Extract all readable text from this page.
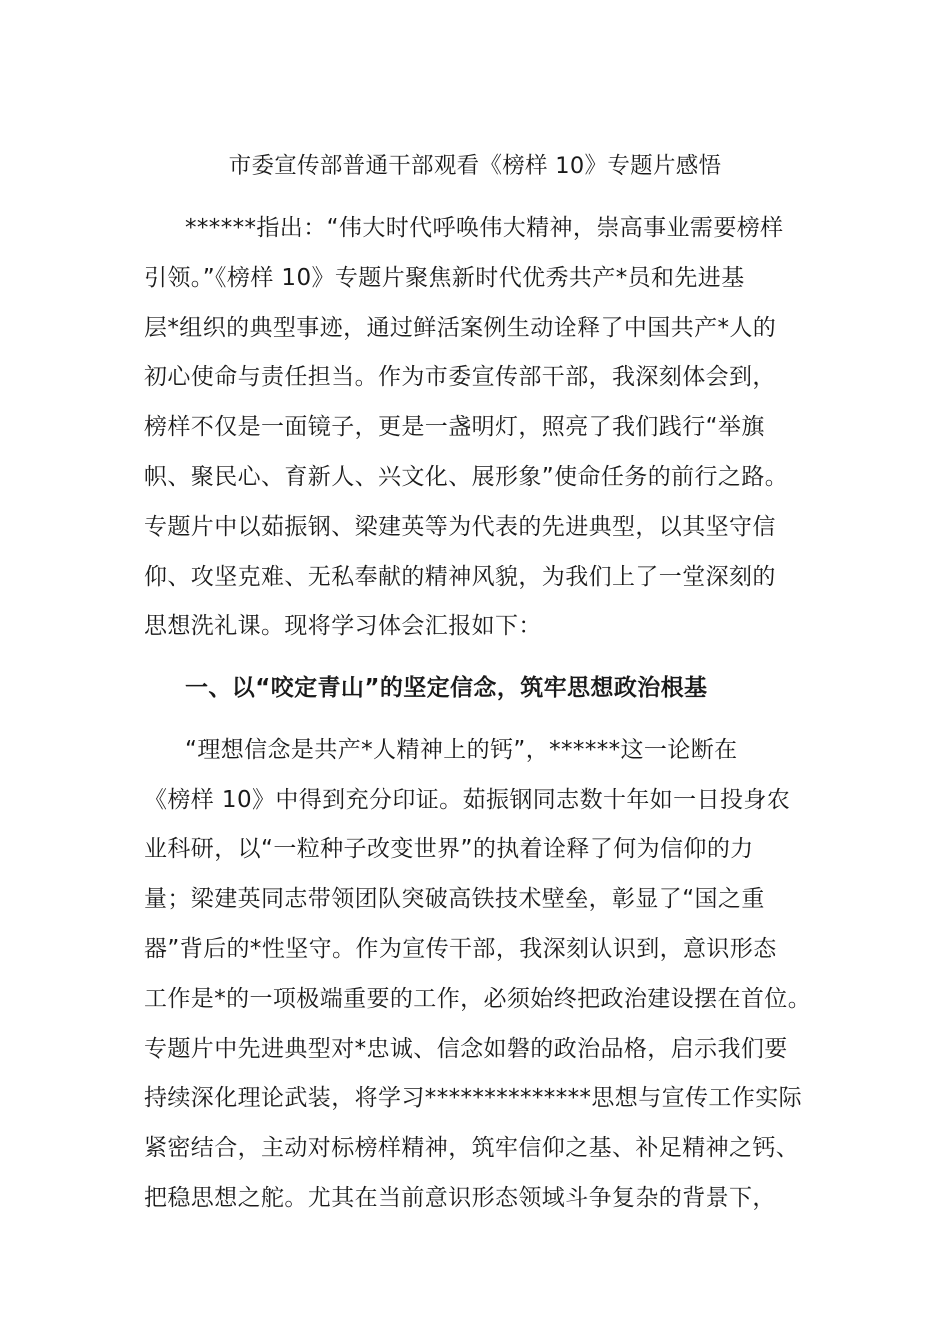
市委宣传部普通干部观看《榜样 10》专题片感悟
******指出：“伟大时代呼唤伟大精神，崇高事业需要榜样
引领。”《榜样 10》专题片聚焦新时代优秀共产*员和先进基
层*组织的典型事迹，通过鲜活案例生动诠释了中国共产*人的
初心使命与责任担当。作为市委宣传部干部，我深刻体会到，
榜样不仅是一面镜子，更是一盏明灯，照亮了我们践行“举旗
帜、聚民心、育新人、兴文化、展形象”使命任务的前行之路。
专题片中以茹振钢、梁建英等为代表的先进典型，以其坚守信
仰、攻坚克难、无私奉献的精神风貌，为我们上了一堂深刻的
思想洗礼课。现将学习体会汇报如下：
一、以“咬定青山”的坚定信念，筑牢思想政治根基
“理想信念是共产*人精神上的钙”，******这一论断在
《榜样 10》中得到充分印证。茹振钢同志数十年如一日投身农
业科研，以“一粒种子改变世界”的执着诠释了何为信仰的力
量；梁建英同志带领团队突破高铁技术壁垒，彰显了“国之重
器”背后的*性坚守。作为宣传干部，我深刻认识到，意识形态
工作是*的一项极端重要的工作，必须始终把政治建设摆在首位。
专题片中先进典型对*忠诚、信念如磐的政治品格，启示我们要
持续深化理论武装，将学习**************思想与宣传工作实际
紧密结合，主动对标榜样精神，筑牢信仰之基、补足精神之钙、
把稳思想之舵。尤其在当前意识形态领域斗争复杂的背景下，
